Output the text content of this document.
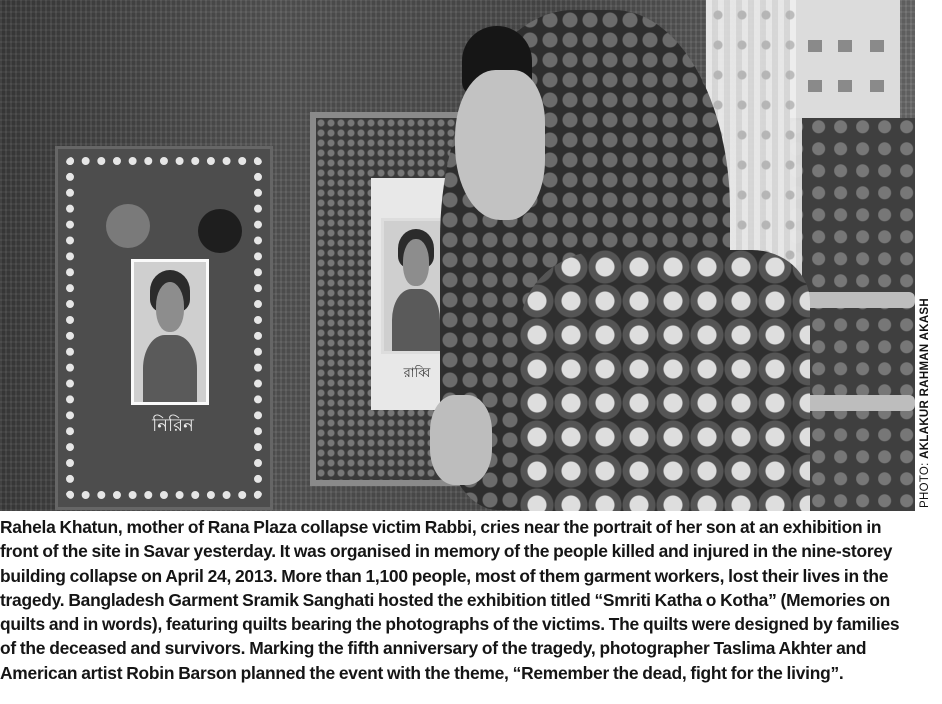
নিরিন
রাব্বি
PHOTO: AKLAKUR RAHMAN AKASH
Rahela Khatun, mother of Rana Plaza collapse victim Rabbi, cries near the portrait of her son at an exhibition in
front of the site in Savar yesterday. It was organised in memory of the people killed and injured in the nine-storey
building collapse on April 24, 2013. More than 1,100 people, most of them garment workers, lost their lives in the
tragedy. Bangladesh Garment Sramik Sanghati hosted the exhibition titled “Smriti Katha o Kotha” (Memories on
quilts and in words), featuring quilts bearing the photographs of the victims. The quilts were designed by families
of the deceased and survivors. Marking the fifth anniversary of the tragedy, photographer Taslima Akhter and
American artist Robin Barson planned the event with the theme, “Remember the dead, fight for the living”.
